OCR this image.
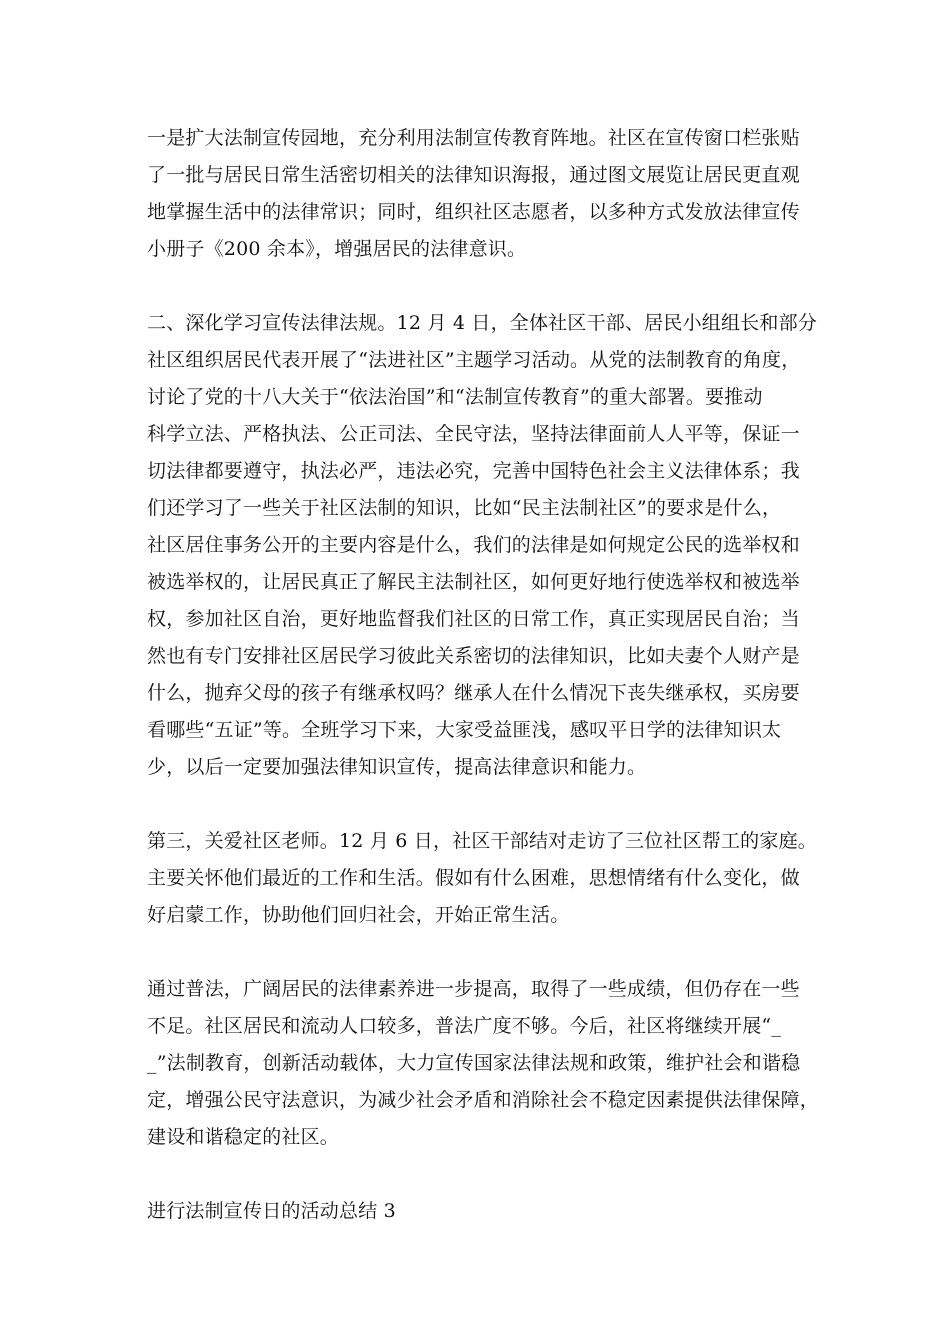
一是扩大法制宣传园地，充分利用法制宣传教育阵地。社区在宣传窗口栏张贴
了一批与居民日常生活密切相关的法律知识海报，通过图文展览让居民更直观
地掌握生活中的法律常识；同时，组织社区志愿者，以多种方式发放法律宣传
小册子《200 余本》，增强居民的法律意识。
二、深化学习宣传法律法规。12 月 4 日，全体社区干部、居民小组组长和部分
社区组织居民代表开展了“法进社区”主题学习活动。从党的法制教育的角度，
讨论了党的十八大关于“依法治国”和“法制宣传教育”的重大部署。要推动
科学立法、严格执法、公正司法、全民守法，坚持法律面前人人平等，保证一
切法律都要遵守，执法必严，违法必究，完善中国特色社会主义法律体系；我
们还学习了一些关于社区法制的知识，比如“民主法制社区”的要求是什么，
社区居住事务公开的主要内容是什么，我们的法律是如何规定公民的选举权和
被选举权的，让居民真正了解民主法制社区，如何更好地行使选举权和被选举
权，参加社区自治，更好地监督我们社区的日常工作，真正实现居民自治；当
然也有专门安排社区居民学习彼此关系密切的法律知识，比如夫妻个人财产是
什么，抛弃父母的孩子有继承权吗？继承人在什么情况下丧失继承权，买房要
看哪些“五证”等。全班学习下来，大家受益匪浅，感叹平日学的法律知识太
少，以后一定要加强法律知识宣传，提高法律意识和能力。
第三，关爱社区老师。12 月 6 日，社区干部结对走访了三位社区帮工的家庭。
主要关怀他们最近的工作和生活。假如有什么困难，思想情绪有什么变化，做
好启蒙工作，协助他们回归社会，开始正常生活。
通过普法，广阔居民的法律素养进一步提高，取得了一些成绩，但仍存在一些
不足。社区居民和流动人口较多，普法广度不够。今后，社区将继续开展“_
_”法制教育，创新活动载体，大力宣传国家法律法规和政策，维护社会和谐稳
定，增强公民守法意识，为减少社会矛盾和消除社会不稳定因素提供法律保障，
建设和谐稳定的社区。
进行法制宣传日的活动总结 3
